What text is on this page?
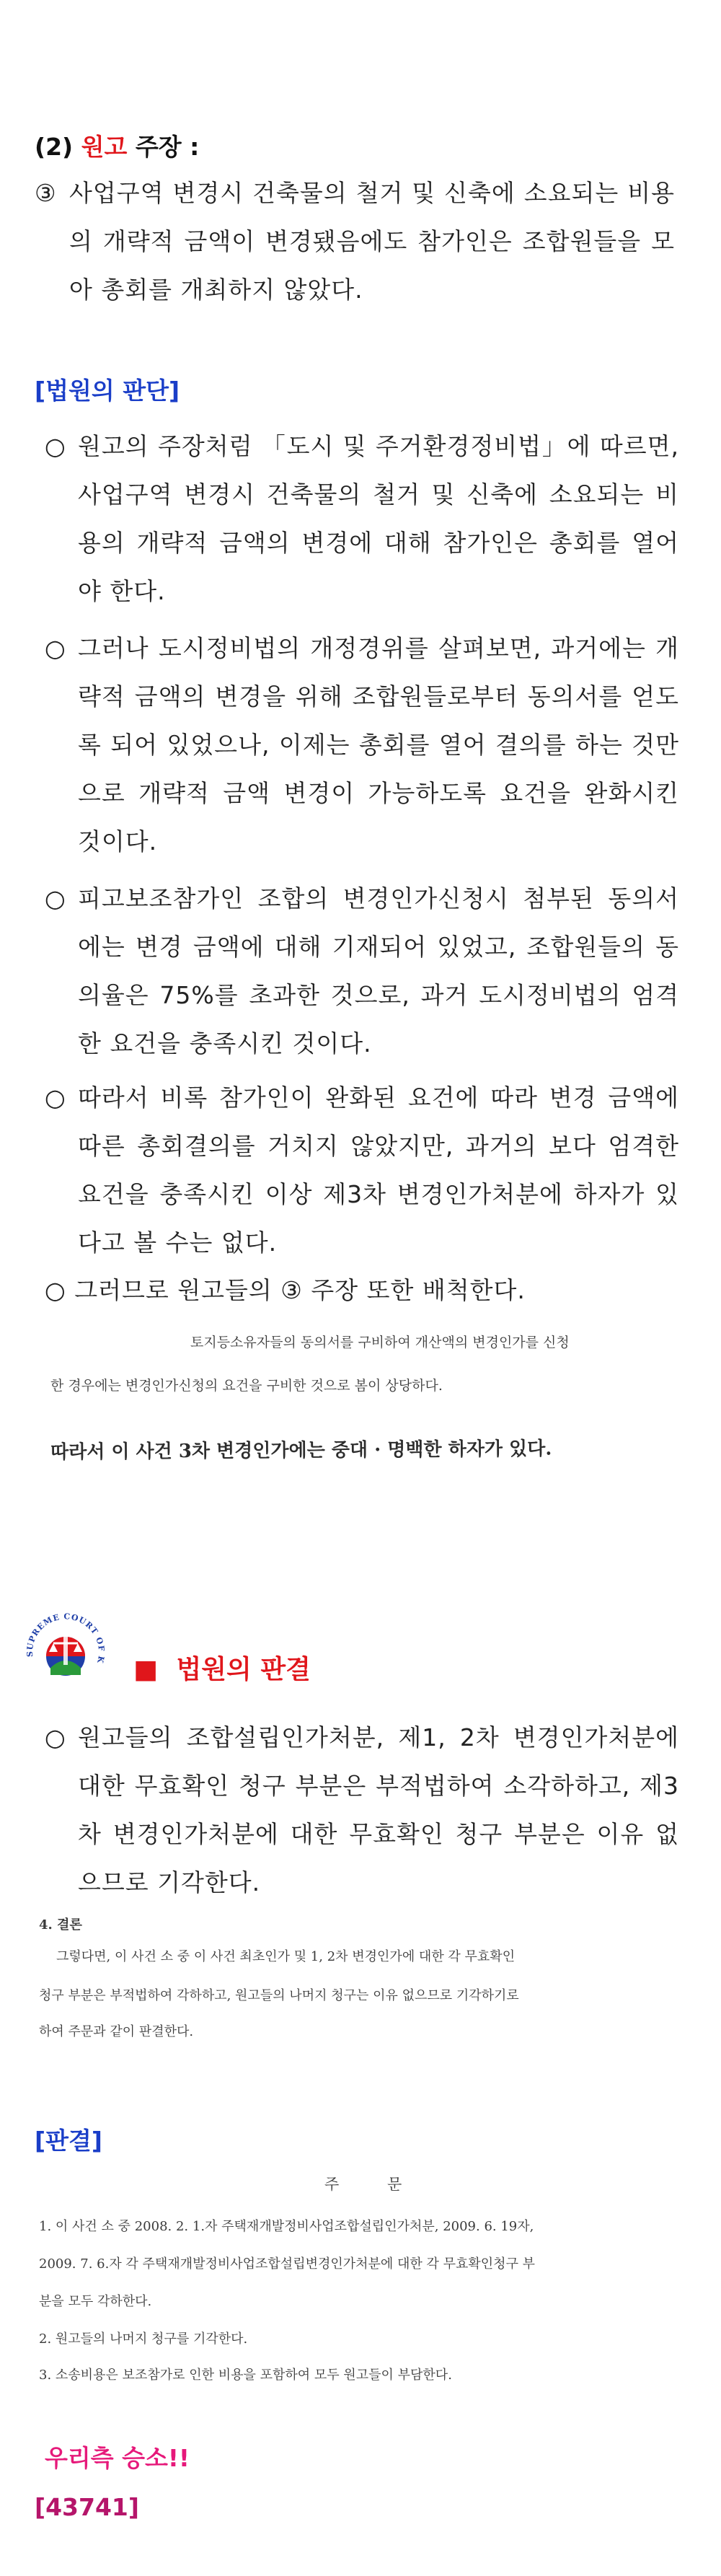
(2) 원고 주장 :
③ 사업구역 변경시 건축물의 철거 및 신축에 소요되는 비용의 개략적 금액이 변경됐음에도 참가인은 조합원들을 모아 총회를 개최하지 않았다.
[법원의 판단]
○ 원고의 주장처럼 「도시 및 주거환경정비법」에 따르면, 사업구역 변경시 건축물의 철거 및 신축에 소요되는 비용의 개략적 금액의 변경에 대해 참가인은 총회를 열어야 한다.
○ 그러나 도시정비법의 개정경위를 살펴보면, 과거에는 개략적 금액의 변경을 위해 조합원들로부터 동의서를 얻도록 되어 있었으나, 이제는 총회를 열어 결의를 하는 것만으로 개략적 금액 변경이 가능하도록 요건을 완화시킨 것이다.
○ 피고보조참가인 조합의 변경인가신청시 첨부된 동의서에는 변경 금액에 대해 기재되어 있었고, 조합원들의 동의율은 75%를 초과한 것으로, 과거 도시정비법의 엄격한 요건을 충족시킨 것이다.
○ 따라서 비록 참가인이 완화된 요건에 따라 변경 금액에 따른 총회결의를 거치지 않았지만, 과거의 보다 엄격한 요건을 충족시킨 이상 제3차 변경인가처분에 하자가 있다고 볼 수는 없다.
○ 그러므로 원고들의 ③ 주장 또한 배척한다.
토지등소유자들의 동의서를 구비하여 개산액의 변경인가를 신청
한 경우에는 변경인가신청의 요건을 구비한 것으로 봄이 상당하다.
따라서 이 사건 3차 변경인가에는 중대 · 명백한 하자가 있다.
SUPREME COURT OF K ■ 법원의 판결
○ 원고들의 조합설립인가처분, 제1, 2차 변경인가처분에 대한 무효확인 청구 부분은 부적법하여 소각하하고, 제3차 변경인가처분에 대한 무효확인 청구 부분은 이유 없으므로 기각한다.
4. 결론
그렇다면, 이 사건 소 중 이 사건 최초인가 및 1, 2차 변경인가에 대한 각 무효확인
청구 부분은 부적법하여 각하하고, 원고들의 나머지 청구는 이유 없으므로 기각하기로
하여 주문과 같이 판결한다.
[판결]
주          문
1. 이 사건 소 중 2008. 2. 1.자 주택재개발정비사업조합설립인가처분, 2009. 6. 19자,
2009. 7. 6.자 각 주택재개발정비사업조합설립변경인가처분에 대한 각 무효확인청구 부
분을 모두 각하한다.
2. 원고들의 나머지 청구를 기각한다.
3. 소송비용은 보조참가로 인한 비용을 포함하여 모두 원고들이 부담한다.
우리측 승소!!
[43741]
